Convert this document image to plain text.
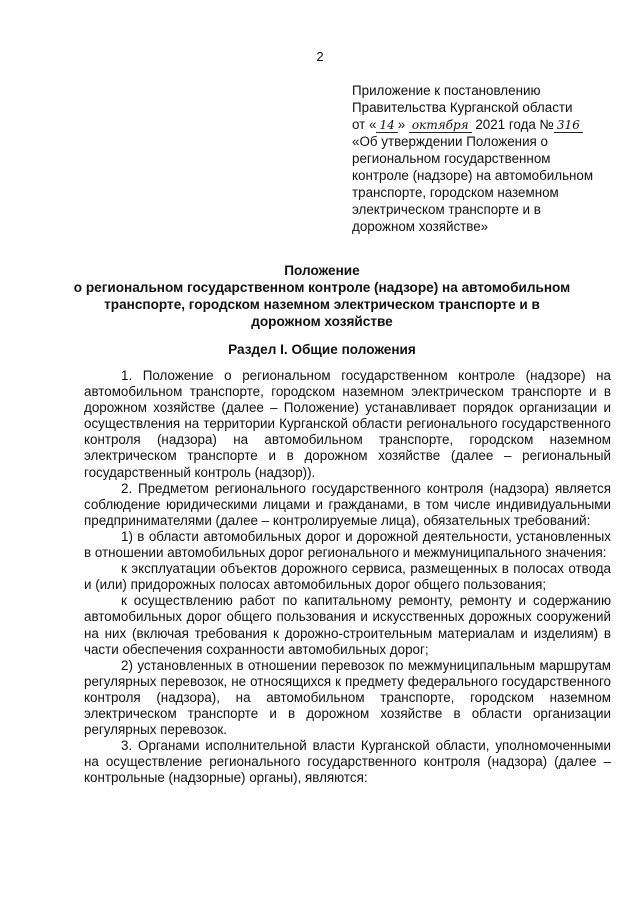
2
Приложение к постановлению
Правительства Курганской области
от « 14 » октября 2021 года № 316
«Об утверждении Положения о
региональном государственном
контроле (надзоре) на автомобильном
транспорте, городском наземном
электрическом транспорте и в
дорожном хозяйстве»
Положение
о региональном государственном контроле (надзоре) на автомобильном транспорте, городском наземном электрическом транспорте и в дорожном хозяйстве
Раздел I. Общие положения

1. Положение о региональном государственном контроле (надзоре) на автомобильном транспорте, городском наземном электрическом транспорте и в дорожном хозяйстве (далее – Положение) устанавливает порядок организации и осуществления на территории Курганской области регионального государственного контроля (надзора) на автомобильном транспорте, городском наземном электрическом транспорте и в дорожном хозяйстве (далее – региональный государственный контроль (надзор)).

2. Предметом регионального государственного контроля (надзора) является соблюдение юридическими лицами и гражданами, в том числе индивидуальными предпринимателями (далее – контролируемые лица), обязательных требований:

1) в области автомобильных дорог и дорожной деятельности, установленных в отношении автомобильных дорог регионального и межмуниципального значения:

к эксплуатации объектов дорожного сервиса, размещенных в полосах отвода и (или) придорожных полосах автомобильных дорог общего пользования;

к осуществлению работ по капитальному ремонту, ремонту и содержанию автомобильных дорог общего пользования и искусственных дорожных сооружений на них (включая требования к дорожно-строительным материалам и изделиям) в части обеспечения сохранности автомобильных дорог;

2) установленных в отношении перевозок по межмуниципальным маршрутам регулярных перевозок, не относящихся к предмету федерального государственного контроля (надзора), на автомобильном транспорте, городском наземном электрическом транспорте и в дорожном хозяйстве в области организации регулярных перевозок.

3. Органами исполнительной власти Курганской области, уполномоченными на осуществление регионального государственного контроля (надзора) (далее – контрольные (надзорные) органы), являются:
